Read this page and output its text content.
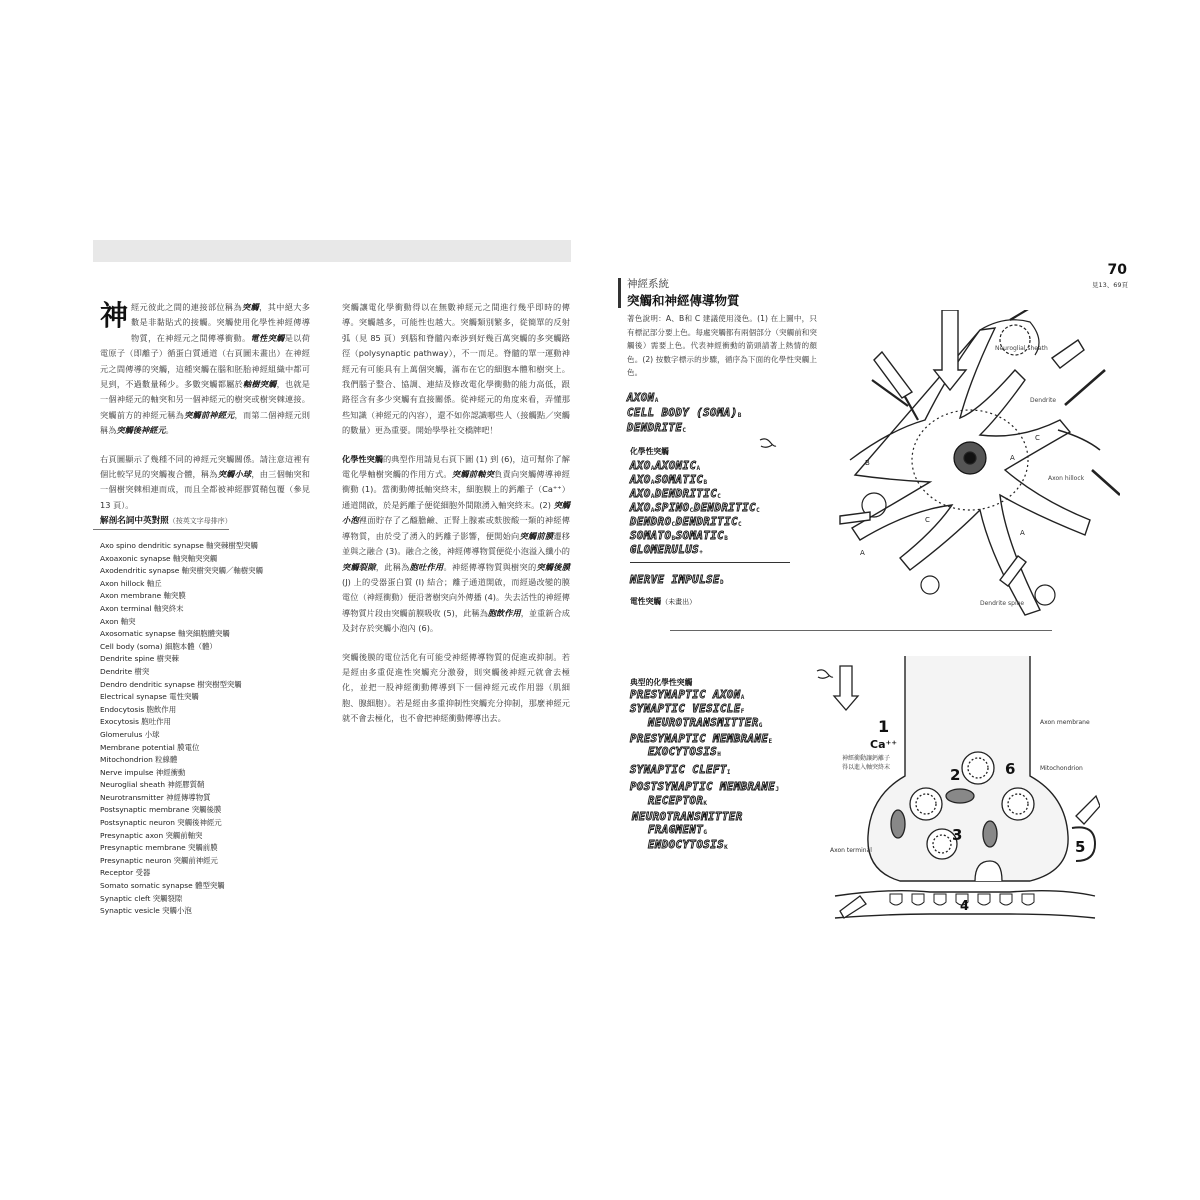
神 經元彼此之間的連接部位稱為突觸，其中絕大多數是非黏貼式的接觸。突觸使用化學性神經傳導物質，在神經元之間傳導衝動。電性突觸是以荷電原子（即離子）循蛋白質通道（右頁圖未畫出）在神經元之間傳導的突觸，這種突觸在腦和胚胎神經組織中都可見到，不過數量稀少。多數突觸都屬於軸樹突觸，也就是一個神經元的軸突和另一個神經元的樹突或樹突棘連接。突觸前方的神經元稱為突觸前神經元，而第二個神經元則稱為突觸後神經元。

右頁圖顯示了幾種不同的神經元突觸關係。請注意這裡有個比較罕見的突觸複合體，稱為突觸小球，由三個軸突和一個樹突棘相連而成，而且全都被神經膠質鞘包覆（參見 13 頁）。

解剖名詞中英對照（按英文字母排序）
Axo spino dendritic synapse 軸突棘樹型突觸
Axoaxonic synapse 軸突軸突突觸
Axodendritic synapse 軸突樹突突觸／軸樹突觸
Axon hillock 軸丘
Axon membrane 軸突膜
Axon terminal 軸突終末
Axon 軸突
Axosomatic synapse 軸突細胞體突觸
Cell body (soma) 細胞本體（體）
Dendrite spine 樹突棘
Dendrite 樹突
Dendro dendritic synapse 樹突樹型突觸
Electrical synapse 電性突觸
Endocytosis 胞飲作用
Exocytosis 胞吐作用
Glomerulus 小球
Membrane potential 膜電位
Mitochondrion 粒線體
Nerve impulse 神經衝動
Neuroglial sheath 神經膠質鞘
Neurotransmitter 神經傳導物質
Postsynaptic membrane 突觸後膜
Postsynaptic neuron 突觸後神經元
Presynaptic axon 突觸前軸突
Presynaptic membrane 突觸前膜
Presynaptic neuron 突觸前神經元
Receptor 受器
Somato somatic synapse 體型突觸
Synaptic cleft 突觸裂隙
Synaptic vesicle 突觸小泡

突觸讓電化學衝動得以在無數神經元之間進行幾乎即時的傳導。突觸越多，可能性也越大。突觸類別繁多，從簡單的反射弧（見 85 頁）到腦和脊髓內牽涉到好幾百萬突觸的多突觸路徑（polysynaptic pathway），不一而足。脊髓的單一運動神經元有可能具有上萬個突觸，滿布在它的細胞本體和樹突上。我們腦子整合、協調、連結及修改電化學衝動的能力高低，跟路徑含有多少突觸有直接關係。從神經元的角度來看，弄懂那些知識（神經元的內容），還不如你認識哪些人（接觸點／突觸的數量）更為重要。開始學學社交橋牌吧！

化學性突觸的典型作用請見右頁下圖 (1) 到 (6)，這可幫你了解電化學軸樹突觸的作用方式。突觸前軸突負責向突觸傳導神經衝動 (1)。當衝動傳抵軸突終末，細胞膜上的鈣離子（Ca⁺⁺）通道開啟，於是鈣離子便從細胞外間隙湧入軸突終末。(2) 突觸小泡裡面貯存了乙醯膽鹼、正腎上腺素或麩胺酸一類的神經傳導物質，由於受了湧入的鈣離子影響，便開始向突觸前膜遷移並與之融合 (3)。融合之後，神經傳導物質便從小泡溢入纖小的突觸裂隙，此稱為胞吐作用。神經傳導物質與樹突的突觸後膜 (J) 上的受器蛋白質 (I) 結合；離子通道開啟，而經過改變的膜電位（神經衝動）便沿著樹突向外傳播 (4)。失去活性的神經傳導物質片段由突觸前膜吸收 (5)，此稱為胞飲作用，並重新合成及封存於突觸小泡內 (6)。

突觸後膜的電位活化有可能受神經傳導物質的促進或抑制。若是經由多重促進性突觸充分激發，則突觸後神經元就會去極化，並把一股神經衝動傳導到下一個神經元或作用器（肌細胞、腺細胞）。若是經由多重抑制性突觸充分抑制，那麼神經元就不會去極化，也不會把神經衝動傳導出去。

70
見13、69頁
神經系統
突觸和神經傳導物質
著色說明：A、B和 C 建議使用淺色。(1) 在上圖中，只有標記部分要上色。每處突觸都有兩個部分（突觸前和突觸後）需要上色。代表神經衝動的箭頭請著上熱情的顏色。(2) 按數字標示的步驟，循序為下面的化學性突觸上色。
$AXON_A$
CELL BODY $(SOMA)_B$
$DENDRITE_C$
化學性突觸
$AXO_AAXONIC_A$
$AXO_ASOMATIC_B$
$AXO_ADENDRITIC_C$
$AXO_ASPINO_CDENDRITIC_C$
$DENDRO_CDENDRITIC_C$
$SOMATO_BSOMATIC_B$
$GLOMERULUS_+$
NERVE $IMPULSE_D$
電性突觸（未畫出）
Neuroglial sheath
Dendrite
Axon hillock
Dendrite spine
B
C
A
A
C
A
典型的化學性突觸
PRESYNAPTIC $AXON_A$
SYNAPTIC $VESICLE_F$
$NEUROTRANSMITTER_G$
PRESYNAPTIC $MEMBRANE_E$
$EXOCYTOSIS_H$
SYNAPTIC $CLEFT_I$
POSTSYNAPTIC $MEMBRANE_J$
$RECEPTOR_K$
NEUROTRANSMITTER
$FRAGMENT_G$
$ENDOCYTOSIS_K$
1
2
3
4
5
6
Ca⁺⁺
Axon membrane
Mitochondrion
Axon terminal
神經衝動讓鈣離子
得以進入軸突終末
